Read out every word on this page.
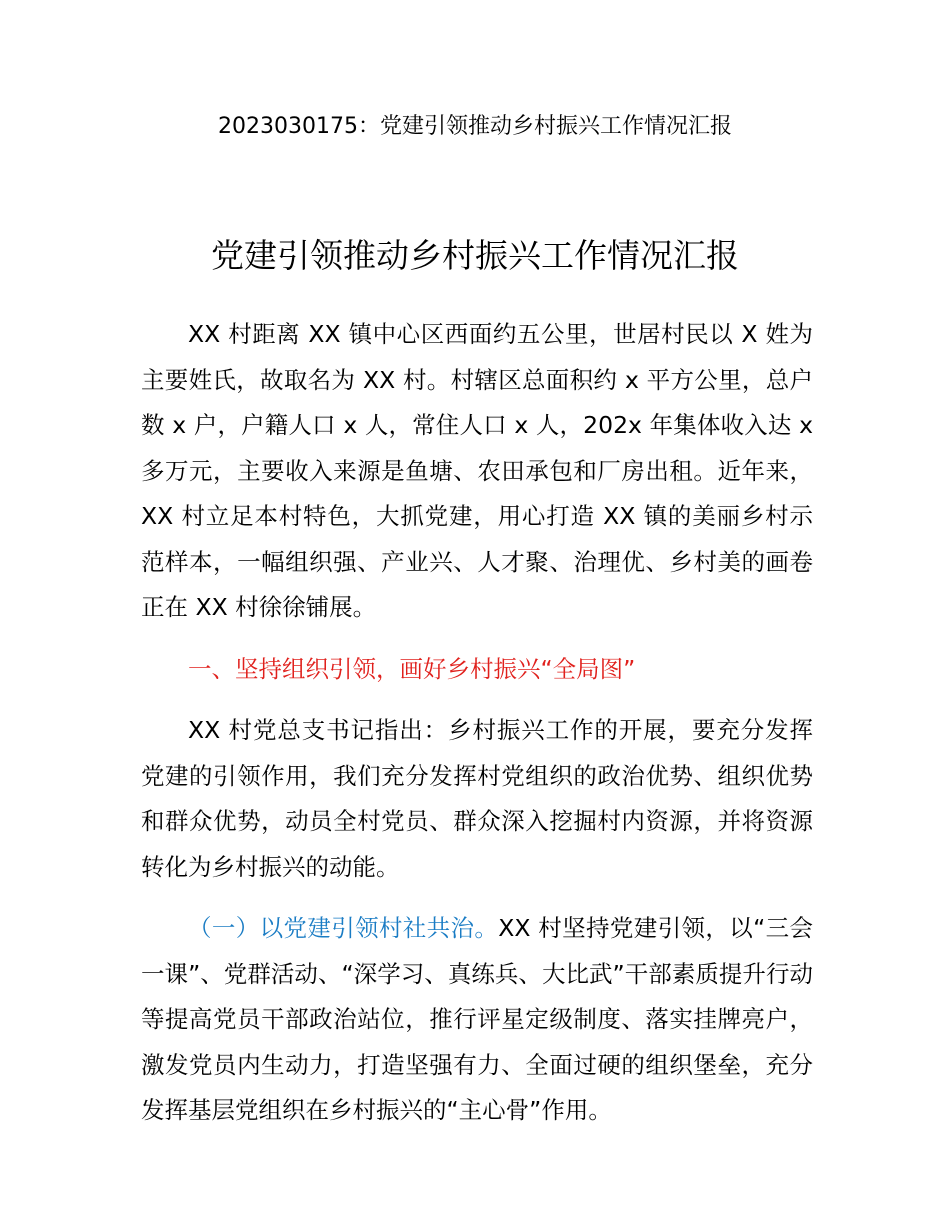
2023030175：党建引领推动乡村振兴工作情况汇报
党建引领推动乡村振兴工作情况汇报

XX 村距离 XX 镇中心区西面约五公里，世居村民以 X 姓为主要姓氏，故取名为 XX 村。村辖区总面积约 x 平方公里，总户数 x 户，户籍人口 x 人，常住人口 x 人，202x 年集体收入达 x 多万元，主要收入来源是鱼塘、农田承包和厂房出租。近年来，XX 村立足本村特色，大抓党建，用心打造 XX 镇的美丽乡村示范样本，一幅组织强、产业兴、人才聚、治理优、乡村美的画卷正在 XX 村徐徐铺展。

一、坚持组织引领，画好乡村振兴“全局图”

XX 村党总支书记指出：乡村振兴工作的开展，要充分发挥党建的引领作用，我们充分发挥村党组织的政治优势、组织优势和群众优势，动员全村党员、群众深入挖掘村内资源，并将资源转化为乡村振兴的动能。

（一）以党建引领村社共治。XX 村坚持党建引领，以“三会一课”、党群活动、“深学习、真练兵、大比武”干部素质提升行动等提高党员干部政治站位，推行评星定级制度、落实挂牌亮户，激发党员内生动力，打造坚强有力、全面过硬的组织堡垒，充分发挥基层党组织在乡村振兴的“主心骨”作用。
